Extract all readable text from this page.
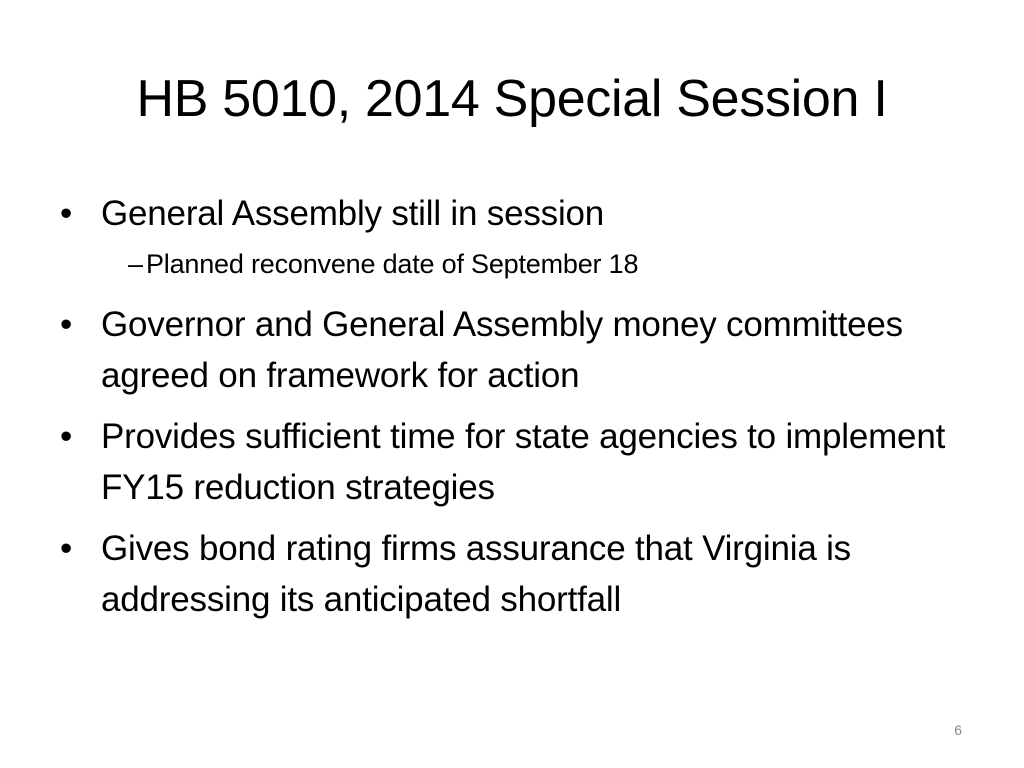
HB 5010, 2014 Special Session I
• General Assembly still in session
– Planned reconvene date of September 18
• Governor and General Assembly money committees  agreed on framework for action
• Provides sufficient time for state agencies to implement FY15 reduction strategies
• Gives bond rating firms assurance that Virginia is addressing its anticipated shortfall
6
